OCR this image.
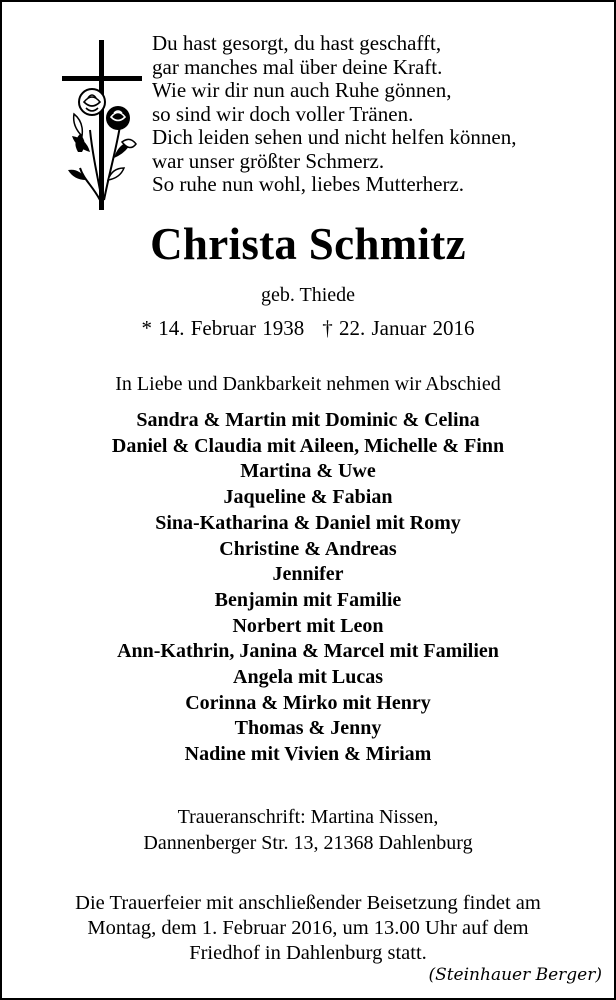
Du hast gesorgt, du hast geschafft,
gar manches mal über deine Kraft.
Wie wir dir nun auch Ruhe gönnen,
so sind wir doch voller Tränen.
Dich leiden sehen und nicht helfen können,
war unser größter Schmerz.
So ruhe nun wohl, liebes Mutterherz.
Christa Schmitz
geb. Thiede
* 14. Februar 1938 † 22. Januar 2016
In Liebe und Dankbarkeit nehmen wir Abschied
Sandra & Martin mit Dominic & Celina
Daniel & Claudia mit Aileen, Michelle & Finn
Martina & Uwe
Jaqueline & Fabian
Sina-Katharina & Daniel mit Romy
Christine & Andreas
Jennifer
Benjamin mit Familie
Norbert mit Leon
Ann-Kathrin, Janina & Marcel mit Familien
Angela mit Lucas
Corinna & Mirko mit Henry
Thomas & Jenny
Nadine mit Vivien & Miriam
Traueranschrift: Martina Nissen,
Dannenberger Str. 13, 21368 Dahlenburg
Die Trauerfeier mit anschließender Beisetzung findet am
Montag, dem 1. Februar 2016, um 13.00 Uhr auf dem
Friedhof in Dahlenburg statt.
(Steinhauer Berger)
